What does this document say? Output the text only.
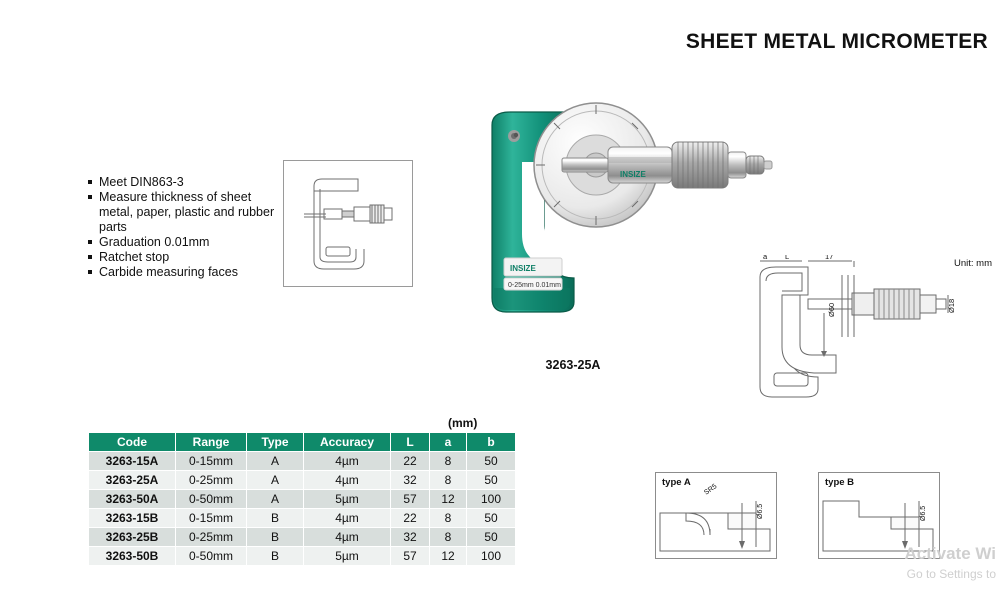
SHEET METAL MICROMETER
Meet DIN863-3
Measure thickness of sheet metal, paper, plastic and rubber parts
Graduation 0.01mm
Ratchet stop
Carbide measuring faces	INSIZE
0-25mm 0.01mm
INSIZE
3263-25A
Unit: mm
a L	17
Ø60	Ø18
type A
SR5
Ø6.5
type B
Ø6.5
(mm)
Code	Range	Type	Accuracy	L	a	b
3263-15A	0-15mm	A	4µm	22	8	50
3263-25A	0-25mm	A	4µm	32	8	50
3263-50A	0-50mm	A	5µm	57	12	100
3263-15B	0-15mm	B	4µm	22	8	50
3263-25B	0-25mm	B	4µm	32	8	50
3263-50B	0-50mm	B	5µm	57	12	100	Activate Wi
Go to Settings to
